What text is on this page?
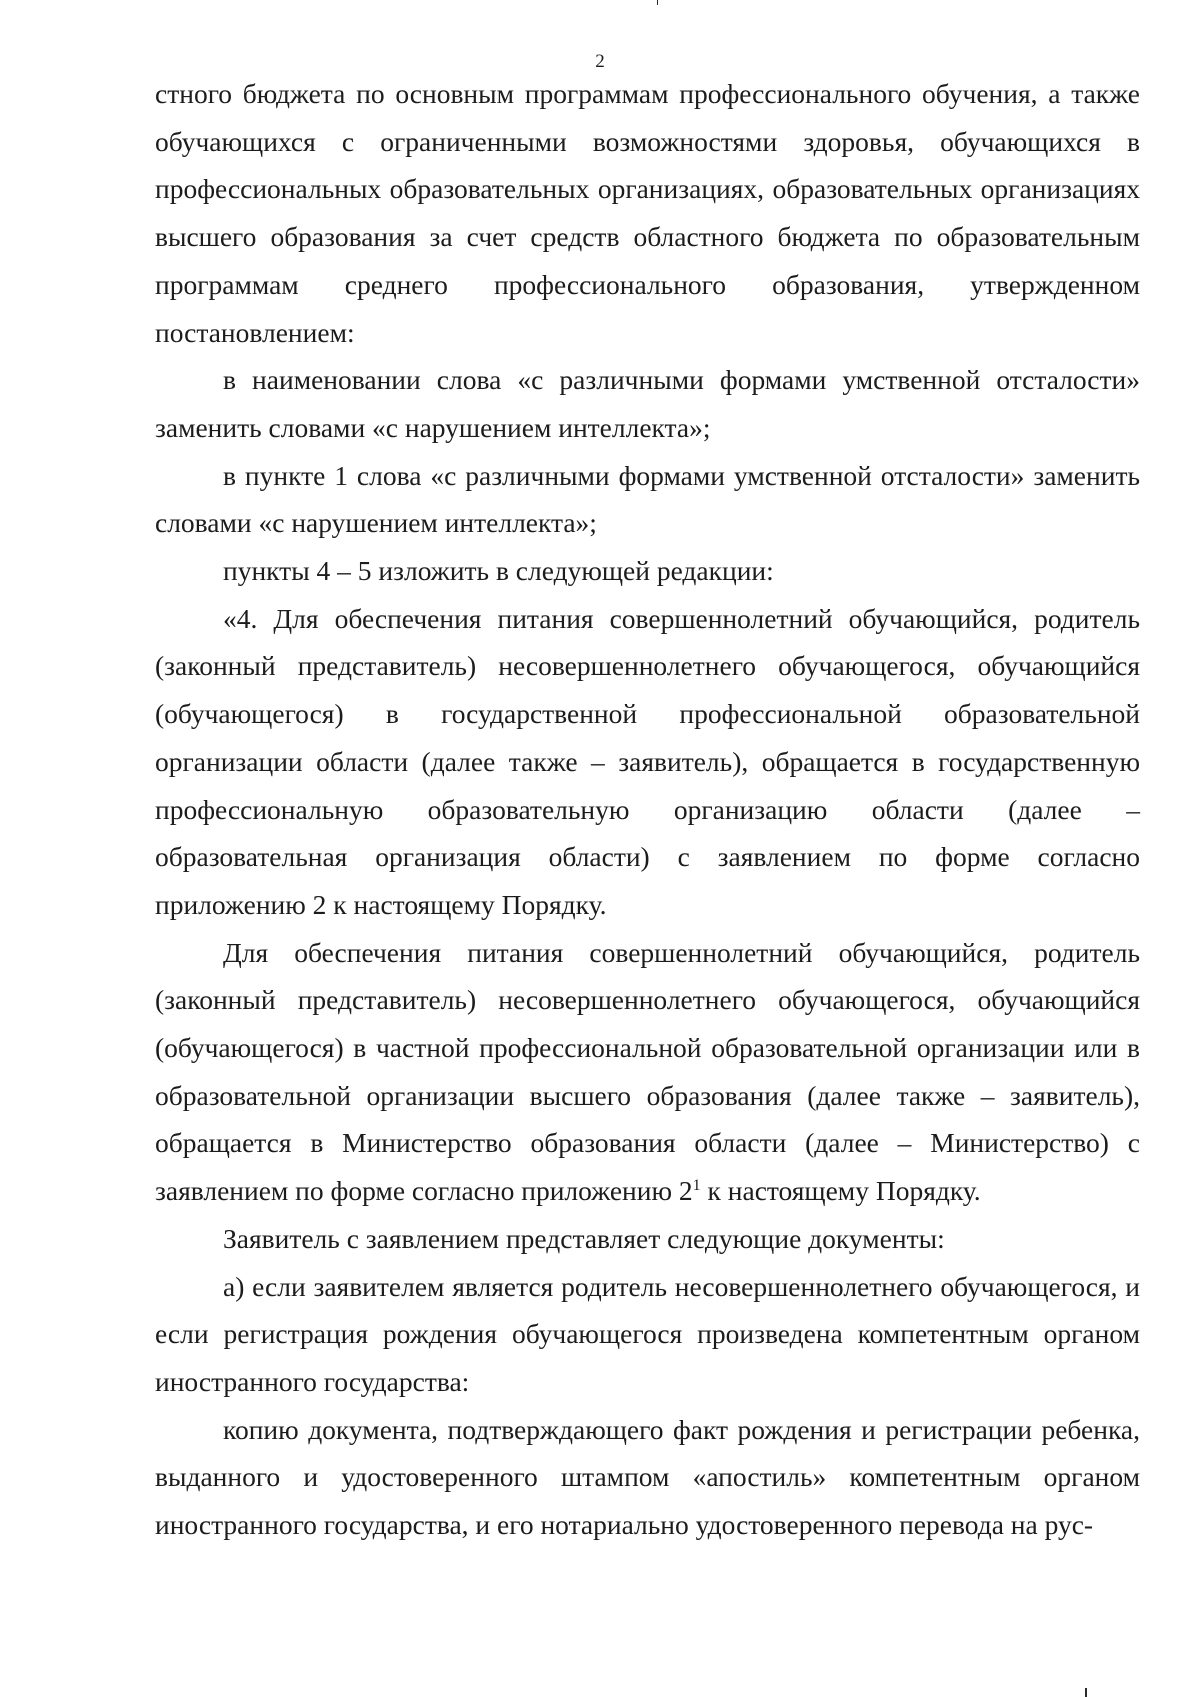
2

стного бюджета по основным программам профессионального обучения, а также обучающихся с ограниченными возможностями здоровья, обучающихся в профессиональных образовательных организациях, образовательных организациях высшего образования за счет средств областного бюджета по образовательным программам среднего профессионального образования, утвержденном постановлением:

в наименовании слова «с различными формами умственной отсталости» заменить словами «с нарушением интеллекта»;

в пункте 1 слова «с различными формами умственной отсталости» заменить словами «с нарушением интеллекта»;

пункты 4 – 5 изложить в следующей редакции:

«4. Для обеспечения питания совершеннолетний обучающийся, родитель (законный представитель) несовершеннолетнего обучающегося, обучающийся (обучающегося) в государственной профессиональной образовательной организации области (далее также – заявитель), обращается в государственную профессиональную образовательную организацию области (далее – образовательная организация области) с заявлением по форме согласно приложению 2 к настоящему Порядку.

Для обеспечения питания совершеннолетний обучающийся, родитель (законный представитель) несовершеннолетнего обучающегося, обучающийся (обучающегося) в частной профессиональной образовательной организации или в образовательной организации высшего образования (далее также – заявитель), обращается в Министерство образования области (далее – Министерство) с заявлением по форме согласно приложению $2^1$ к настоящему Порядку.

Заявитель с заявлением представляет следующие документы:

а) если заявителем является родитель несовершеннолетнего обучающегося, и если регистрация рождения обучающегося произведена компетентным органом иностранного государства:

копию документа, подтверждающего факт рождения и регистрации ребенка, выданного и удостоверенного штампом «апостиль» компетентным органом иностранного государства, и его нотариально удостоверенного перевода на рус-
